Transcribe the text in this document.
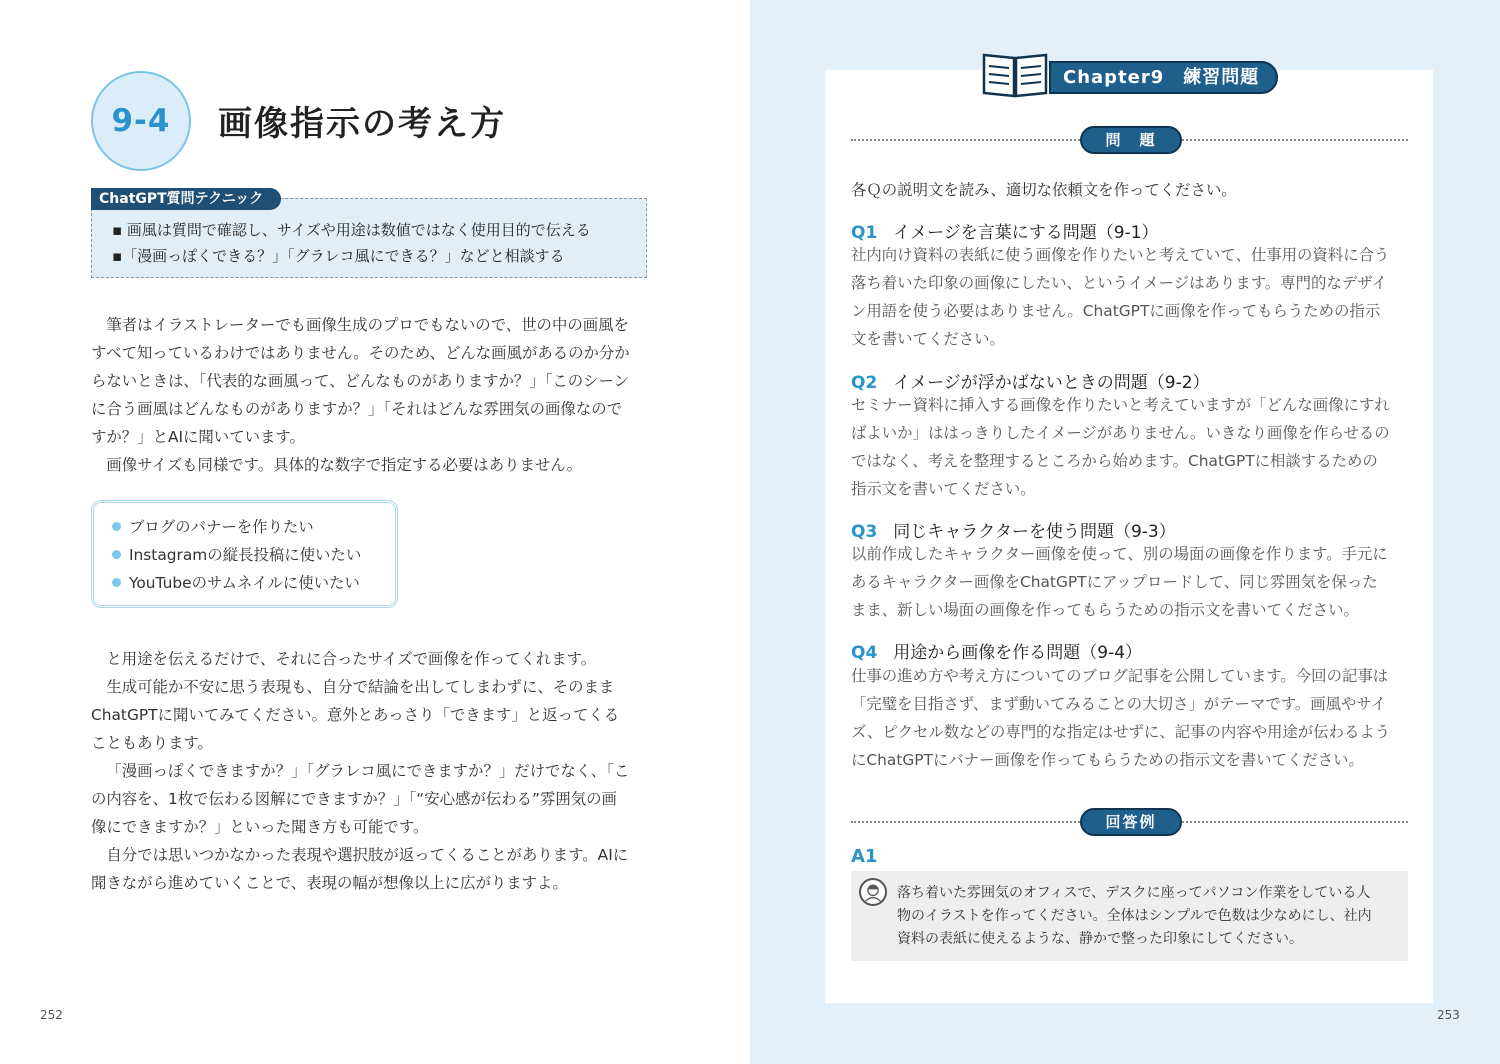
9-4 画像指示の考え方
ChatGPT質問テクニック
▪ 画風は質問で確認し、サイズや用途は数値ではなく使用目的で伝える
▪「漫画っぽくできる？」「グラレコ風にできる？」などと相談する

筆者はイラストレーターでも画像生成のプロでもないので、世の中の画風を

すべて知っているわけではありません。そのため、どんな画風があるのか分か

らないときは、「代表的な画風って、どんなものがありますか？」「このシーン

に合う画風はどんなものがありますか？」「それはどんな雰囲気の画像なので

すか？」とAIに聞いています。

画像サイズも同様です。具体的な数字で指定する必要はありません。

ブログのバナーを作りたい
Instagramの縦長投稿に使いたい
YouTubeのサムネイルに使いたい

と用途を伝えるだけで、それに合ったサイズで画像を作ってくれます。

生成可能か不安に思う表現も、自分で結論を出してしまわずに、そのまま

ChatGPTに聞いてみてください。意外とあっさり「できます」と返ってくる

こともあります。

「漫画っぽくできますか？」「グラレコ風にできますか？」だけでなく、「こ

の内容を、1枚で伝わる図解にできますか？」「“安心感が伝わる”雰囲気の画

像にできますか？」といった聞き方も可能です。

自分では思いつかなかった表現や選択肢が返ってくることがあります。AIに

聞きながら進めていくことで、表現の幅が想像以上に広がりますよ。

252
Chapter9　練習問題
問　題
各Ｑの説明文を読み、適切な依頼文を作ってください。
Q1 イメージを言葉にする問題（9-1）
社内向け資料の表紙に使う画像を作りたいと考えていて、仕事用の資料に合う
落ち着いた印象の画像にしたい、というイメージはあります。専門的なデザイ
ン用語を使う必要はありません。ChatGPTに画像を作ってもらうための指示
文を書いてください。
Q2 イメージが浮かばないときの問題（9-2）
セミナー資料に挿入する画像を作りたいと考えていますが「どんな画像にすれ
ばよいか」ははっきりしたイメージがありません。いきなり画像を作らせるの
ではなく、考えを整理するところから始めます。ChatGPTに相談するための
指示文を書いてください。
Q3 同じキャラクターを使う問題（9-3）
以前作成したキャラクター画像を使って、別の場面の画像を作ります。手元に
あるキャラクター画像をChatGPTにアップロードして、同じ雰囲気を保った
まま、新しい場面の画像を作ってもらうための指示文を書いてください。
Q4 用途から画像を作る問題（9-4）
仕事の進め方や考え方についてのブログ記事を公開しています。今回の記事は
「完璧を目指さず、まず動いてみることの大切さ」がテーマです。画風やサイ
ズ、ピクセル数などの専門的な指定はせずに、記事の内容や用途が伝わるよう
にChatGPTにバナー画像を作ってもらうための指示文を書いてください。
回答例
A1
落ち着いた雰囲気のオフィスで、デスクに座ってパソコン作業をしている人
物のイラストを作ってください。全体はシンプルで色数は少なめにし、社内
資料の表紙に使えるような、静かで整った印象にしてください。
253
